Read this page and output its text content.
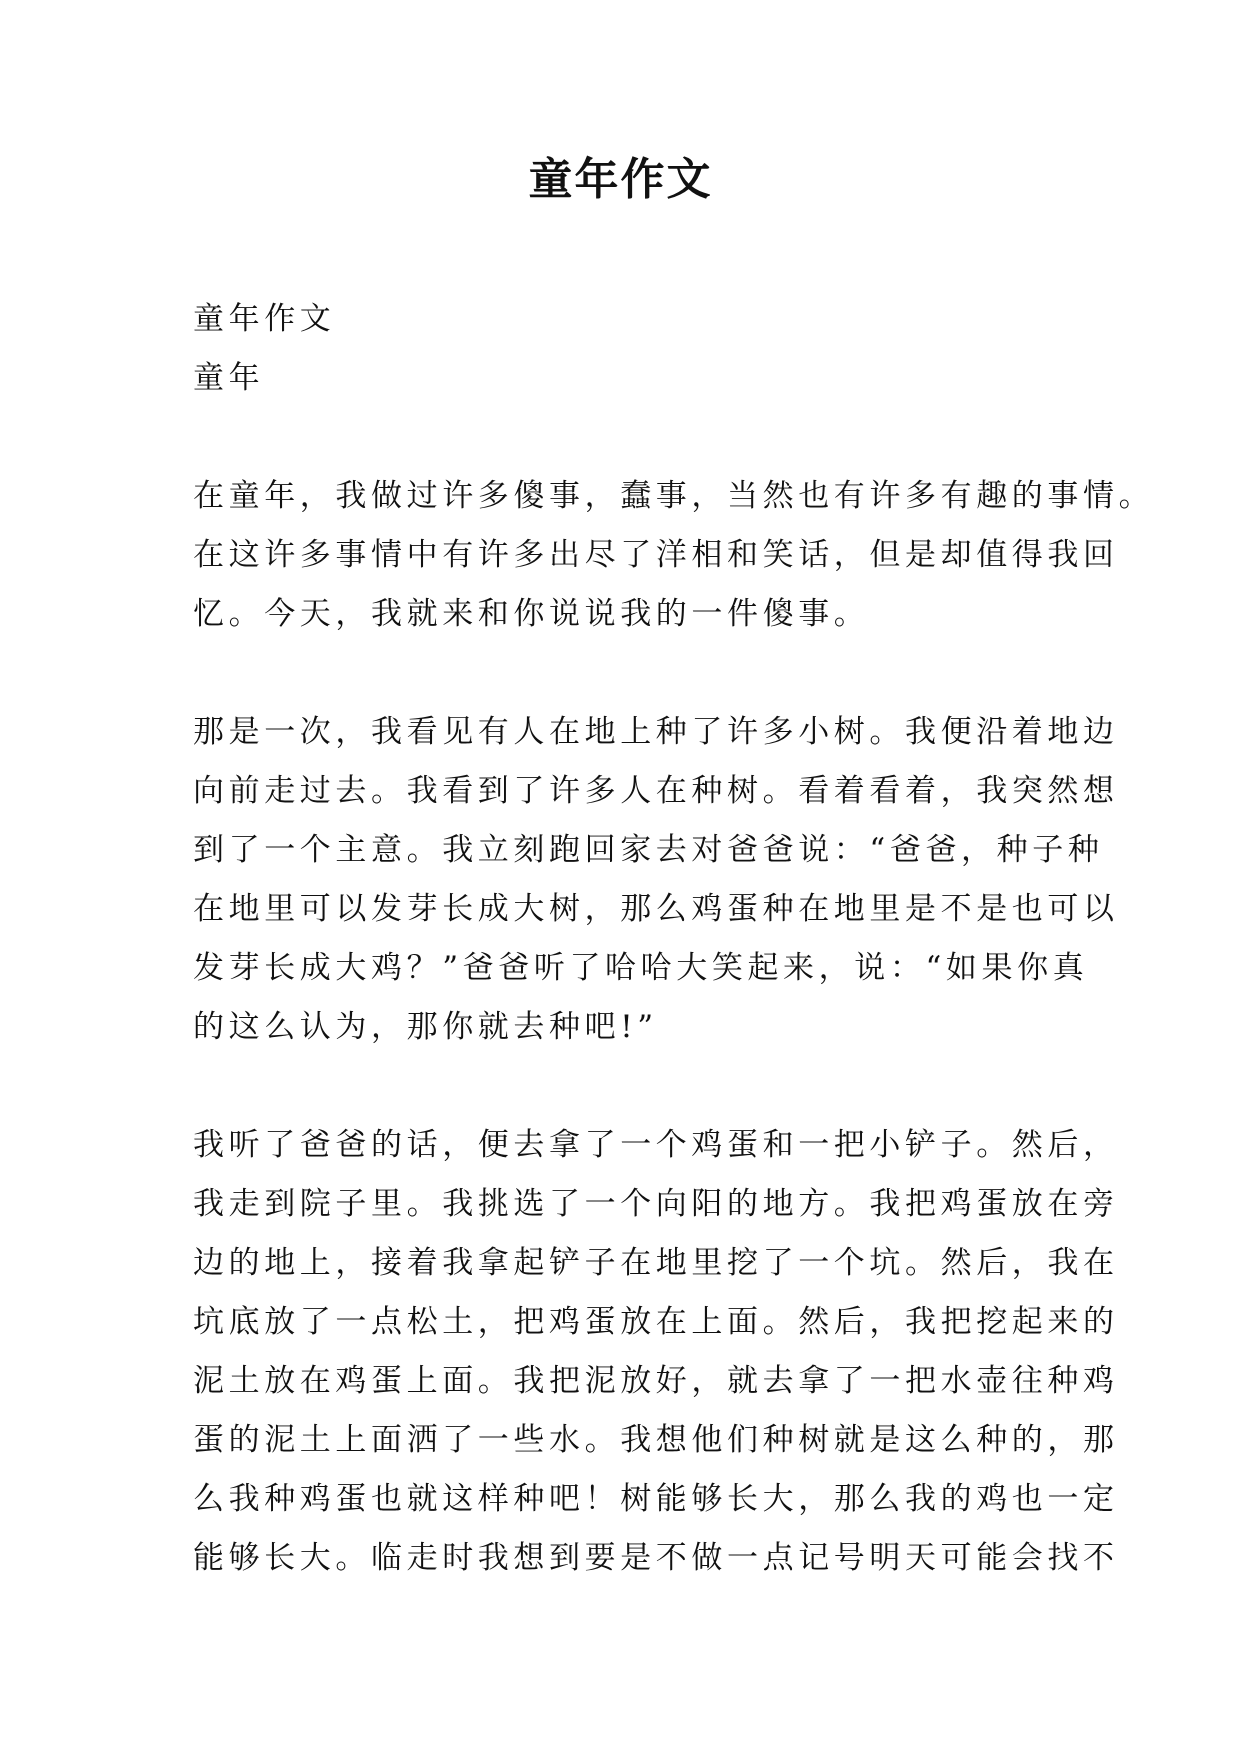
童年作文
童年作文
童年
在童年，我做过许多傻事，蠢事，当然也有许多有趣的事情。
在这许多事情中有许多出尽了洋相和笑话，但是却值得我回
忆。今天，我就来和你说说我的一件傻事。
那是一次，我看见有人在地上种了许多小树。我便沿着地边
向前走过去。我看到了许多人在种树。看着看着，我突然想
到了一个主意。我立刻跑回家去对爸爸说：“爸爸，种子种
在地里可以发芽长成大树，那么鸡蛋种在地里是不是也可以
发芽长成大鸡？”爸爸听了哈哈大笑起来，说：“如果你真
的这么认为，那你就去种吧!”
我听了爸爸的话，便去拿了一个鸡蛋和一把小铲子。然后，
我走到院子里。我挑选了一个向阳的地方。我把鸡蛋放在旁
边的地上，接着我拿起铲子在地里挖了一个坑。然后，我在
坑底放了一点松土，把鸡蛋放在上面。然后，我把挖起来的
泥土放在鸡蛋上面。我把泥放好，就去拿了一把水壶往种鸡
蛋的泥土上面洒了一些水。我想他们种树就是这么种的，那
么我种鸡蛋也就这样种吧！树能够长大，那么我的鸡也一定
能够长大。临走时我想到要是不做一点记号明天可能会找不
